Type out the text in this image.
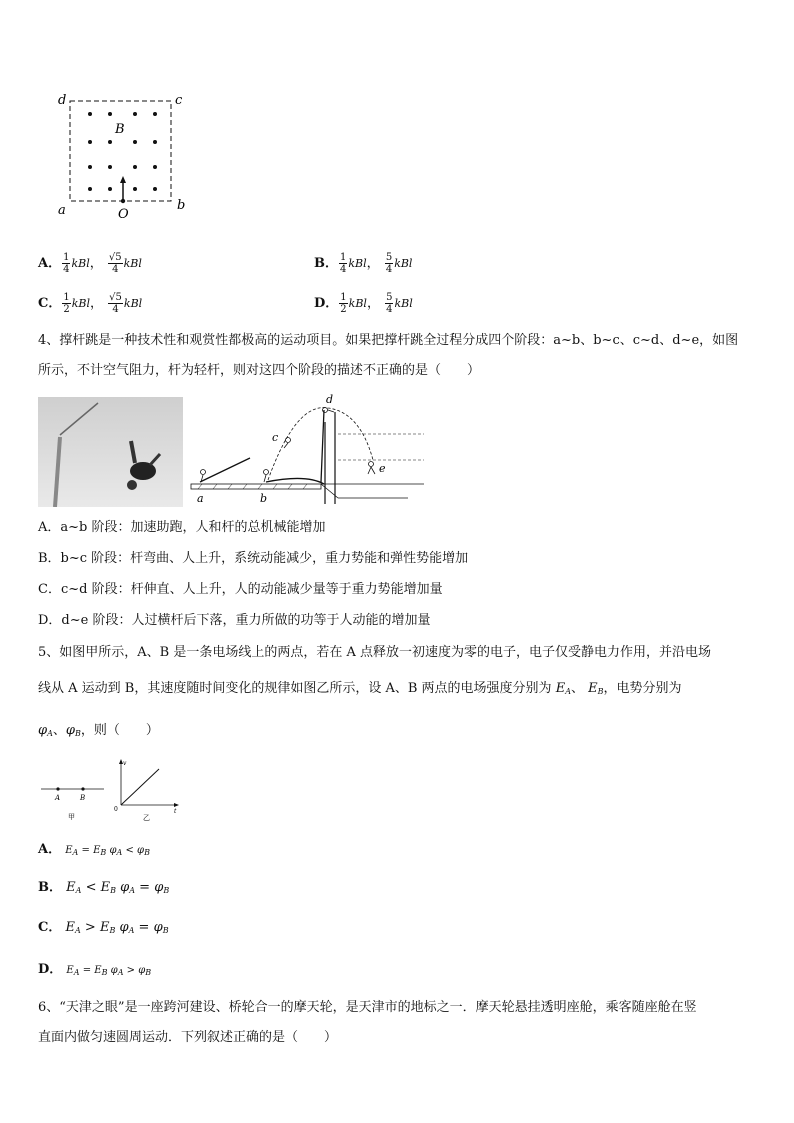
d	c
B
a	b
O
A． $\frac{1}{4}$ kBl， $\frac{√5}{4}$ kBl	B． $\frac{1}{4}$ kBl， $\frac{5}{4}$ kBl
C． $\frac{1}{2}$ kBl， $\frac{√5}{4}$ kBl	D． $\frac{1}{2}$ kBl， $\frac{5}{4}$ kBl
4、撑杆跳是一种技术性和观赏性都极高的运动项目。如果把撑杆跳全过程分成四个阶段：a~b、b~c、c~d、d~e，如图
所示，不计空气阻力，杆为轻杆，则对这四个阶段的描述不正确的是（　　）
a	b
c
d
e
A．a~b 阶段：加速助跑，人和杆的总机械能增加
B．b~c 阶段：杆弯曲、人上升，系统动能减少，重力势能和弹性势能增加
C．c~d 阶段：杆伸直、人上升，人的动能减少量等于重力势能增加量
D．d~e 阶段：人过横杆后下落，重力所做的功等于人动能的增加量
5、如图甲所示，A、B 是一条电场线上的两点，若在 A 点释放一初速度为零的电子，电子仅受静电力作用，并沿电场
线从 A 运动到 B，其速度随时间变化的规律如图乙所示，设 A、B 两点的电场强度分别为 $E_A$、 $E_B$，电势分别为
$\varphi_A$、$\varphi_B$，则（　　）
A	B
甲
v
0	t
乙
A． $E_A = E_B$ $\varphi_A < \varphi_B$
B． $E_A < E_B$ $\varphi_A = \varphi_B$
C． $E_A > E_B$ $\varphi_A = \varphi_B$
D． $E_A = E_B$ $\varphi_A > \varphi_B$
6、“天津之眼”是一座跨河建设、桥轮合一的摩天轮，是天津市的地标之一．摩天轮悬挂透明座舱，乘客随座舱在竖
直面内做匀速圆周运动．下列叙述正确的是（　　）
